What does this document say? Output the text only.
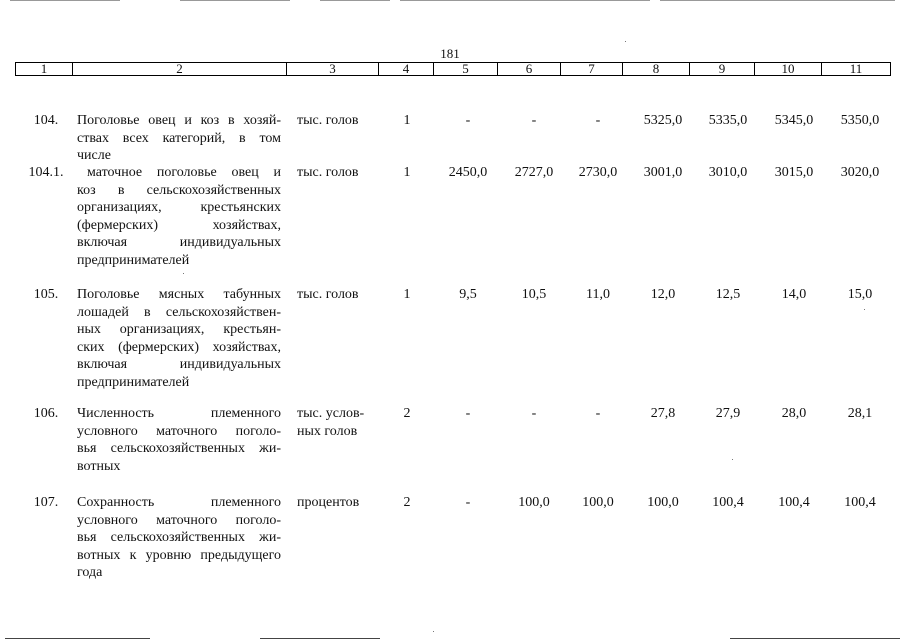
181
1	2	3	4	5	6	7	8	9	10	11
104.	Поголовье овец и коз в хозяй-
ствах всех категорий, в том
числе
тыс. голов	1	-	-	-	5325,0	5335,0	5345,0	5350,0
104.1.	маточное поголовье овец и
коз в сельскохозяйственных
организациях, крестьянских
(фермерских) хозяйствах,
включая индивидуальных
предпринимателей
тыс. голов	1	2450,0	2727,0	2730,0	3001,0	3010,0	3015,0	3020,0
105.	Поголовье мясных табунных
лошадей в сельскохозяйствен-
ных организациях, крестьян-
ских (фермерских) хозяйствах,
включая индивидуальных
предпринимателей
тыс. голов	1	9,5	10,5	11,0	12,0	12,5	14,0	15,0
106.	Численность племенного
условного маточного поголо-
вья сельскохозяйственных жи-
вотных
тыс. услов-
ных голов
2	-	-	-	27,8	27,9	28,0	28,1
107.	Сохранность племенного
условного маточного поголо-
вья сельскохозяйственных жи-
вотных к уровню предыдущего
года
процентов	2	-	100,0	100,0	100,0	100,4	100,4	100,4
